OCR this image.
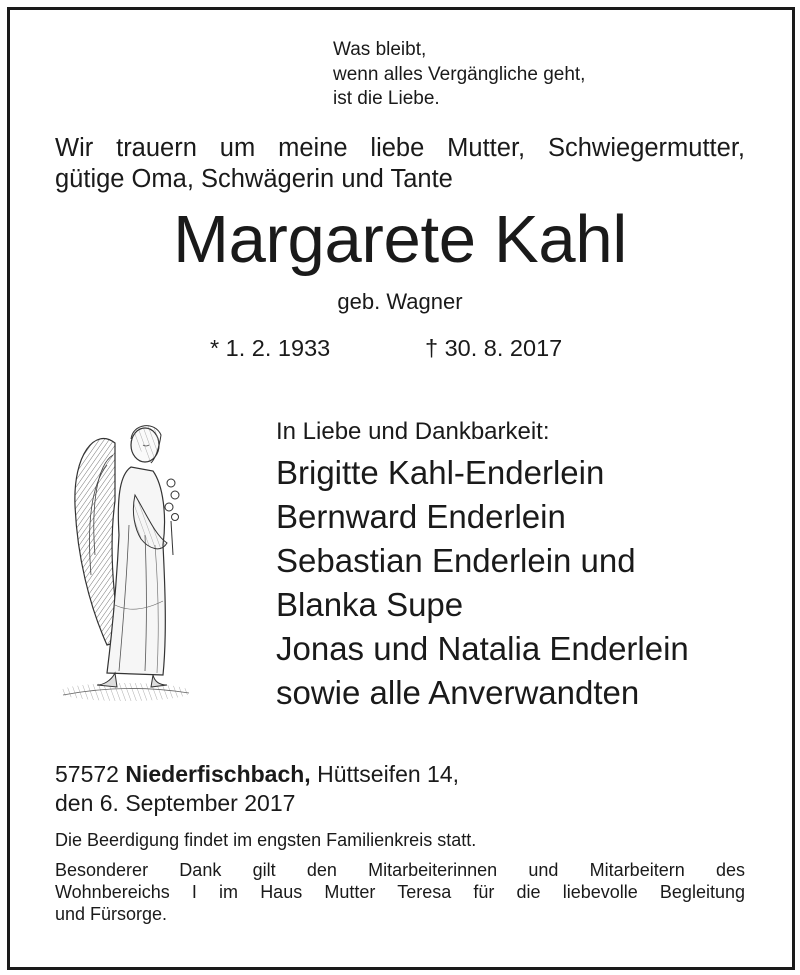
Was bleibt,
wenn alles Vergängliche geht,
ist die Liebe.
Wir trauern um meine liebe Mutter, Schwiegermutter,
gütige Oma, Schwägerin und Tante
Margarete Kahl
geb. Wagner
* 1. 2. 1933	† 30. 8. 2017
In Liebe und Dankbarkeit:
Brigitte Kahl-Enderlein
Bernward Enderlein
Sebastian Enderlein und
Blanka Supe
Jonas und Natalia Enderlein
sowie alle Anverwandten
57572 Niederfischbach, Hüttseifen 14,
den 6. September 2017
Die Beerdigung findet im engsten Familienkreis statt.
Besonderer Dank gilt den Mitarbeiterinnen und Mitarbeitern des
Wohnbereichs I im Haus Mutter Teresa für die liebevolle Begleitung
und Fürsorge.
